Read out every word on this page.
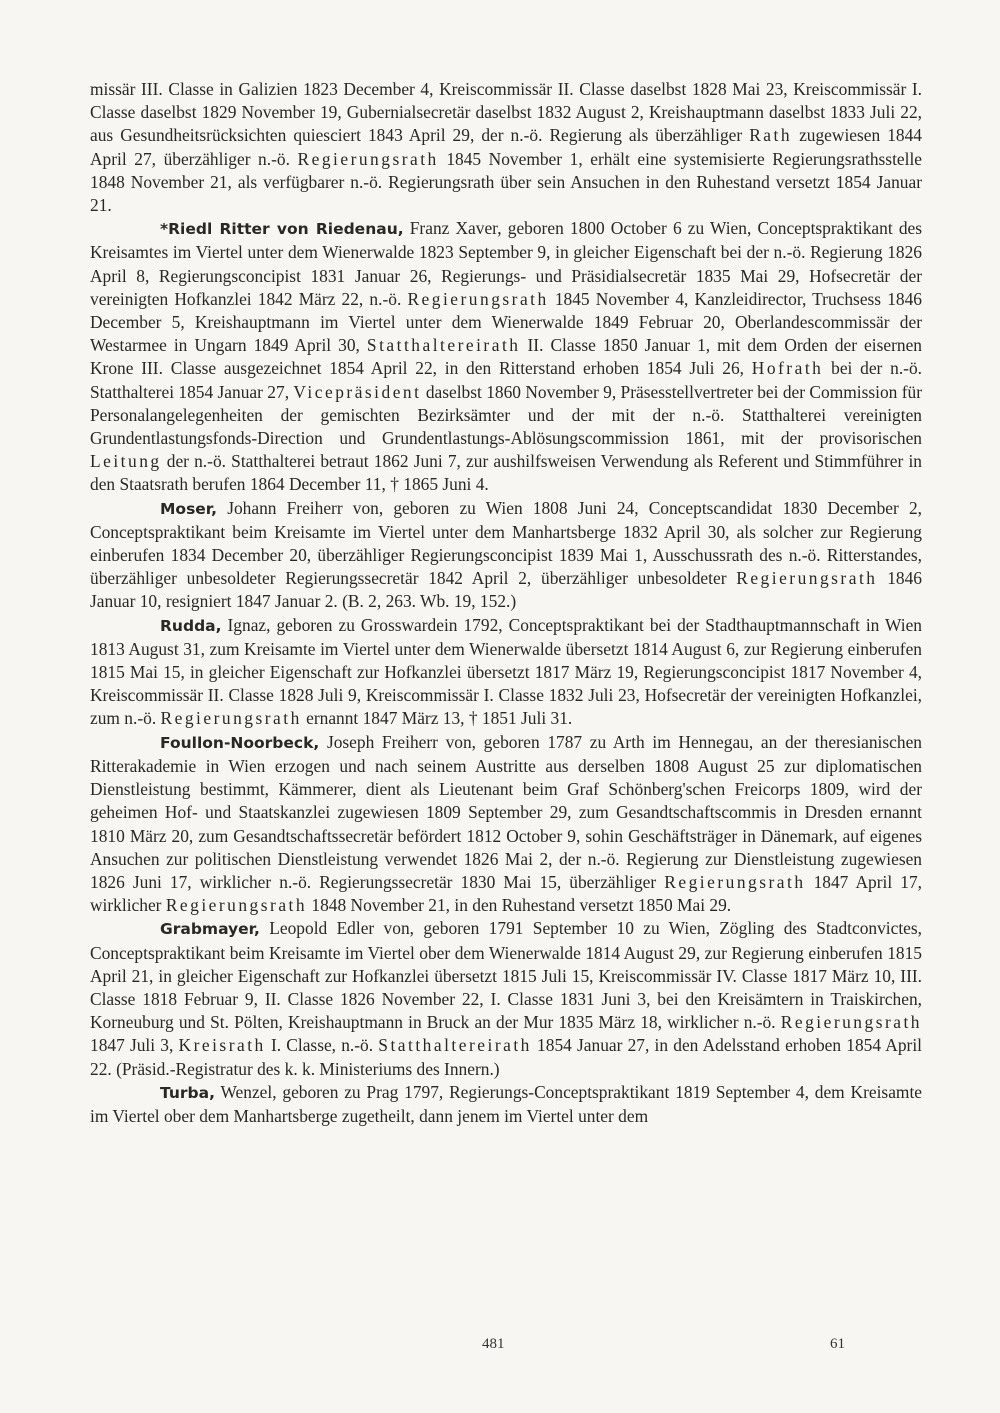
missär III. Classe in Galizien 1823 December 4, Kreiscommissär II. Classe daselbst 1828 Mai 23, Kreiscommissär I. Classe daselbst 1829 November 19, Gubernialsecretär daselbst 1832 August 2, Kreishauptmann daselbst 1833 Juli 22, aus Gesundheitsrücksichten quiesciert 1843 April 29, der n.-ö. Regierung als überzähliger Rath zugewiesen 1844 April 27, überzähliger n.-ö. Regierungsrath 1845 November 1, erhält eine systemisierte Regierungsrathsstelle 1848 November 21, als verfügbarer n.-ö. Regierungsrath über sein Ansuchen in den Ruhestand versetzt 1854 Januar 21.

*Riedl Ritter von Riedenau, Franz Xaver, geboren 1800 October 6 zu Wien, Conceptspraktikant des Kreisamtes im Viertel unter dem Wienerwalde 1823 September 9, in gleicher Eigenschaft bei der n.-ö. Regierung 1826 April 8, Regierungsconcipist 1831 Januar 26, Regierungs- und Präsidialsecretär 1835 Mai 29, Hofsecretär der vereinigten Hofkanzlei 1842 März 22, n.-ö. Regierungsrath 1845 November 4, Kanzleidirector, Truchsess 1846 December 5, Kreishauptmann im Viertel unter dem Wienerwalde 1849 Februar 20, Oberlandescommissär der Westarmee in Ungarn 1849 April 30, Statthaltereirath II. Classe 1850 Januar 1, mit dem Orden der eisernen Krone III. Classe ausgezeichnet 1854 April 22, in den Ritterstand erhoben 1854 Juli 26, Hofrath bei der n.-ö. Statthalterei 1854 Januar 27, Vicepräsident daselbst 1860 November 9, Präsesstellvertreter bei der Commission für Personalangelegenheiten der gemischten Bezirksämter und der mit der n.-ö. Statthalterei vereinigten Grundentlastungsfonds-Direction und Grundentlastungs-Ablösungscommission 1861, mit der provisorischen Leitung der n.-ö. Statthalterei betraut 1862 Juni 7, zur aushilfsweisen Verwendung als Referent und Stimmführer in den Staatsrath berufen 1864 December 11, † 1865 Juni 4.

Moser, Johann Freiherr von, geboren zu Wien 1808 Juni 24, Conceptscandidat 1830 December 2, Conceptspraktikant beim Kreisamte im Viertel unter dem Manhartsberge 1832 April 30, als solcher zur Regierung einberufen 1834 December 20, überzähliger Regierungsconcipist 1839 Mai 1, Ausschussrath des n.-ö. Ritterstandes, überzähliger unbesoldeter Regierungssecretär 1842 April 2, überzähliger unbesoldeter Regierungsrath 1846 Januar 10, resigniert 1847 Januar 2. (B. 2, 263. Wb. 19, 152.)

Rudda, Ignaz, geboren zu Grosswardein 1792, Conceptspraktikant bei der Stadthauptmannschaft in Wien 1813 August 31, zum Kreisamte im Viertel unter dem Wienerwalde übersetzt 1814 August 6, zur Regierung einberufen 1815 Mai 15, in gleicher Eigenschaft zur Hofkanzlei übersetzt 1817 März 19, Regierungsconcipist 1817 November 4, Kreiscommissär II. Classe 1828 Juli 9, Kreiscommissär I. Classe 1832 Juli 23, Hofsecretär der vereinigten Hofkanzlei, zum n.-ö. Regierungsrath ernannt 1847 März 13, † 1851 Juli 31.

Foullon-Noorbeck, Joseph Freiherr von, geboren 1787 zu Arth im Hennegau, an der theresianischen Ritterakademie in Wien erzogen und nach seinem Austritte aus derselben 1808 August 25 zur diplomatischen Dienstleistung bestimmt, Kämmerer, dient als Lieutenant beim Graf Schönberg'schen Freicorps 1809, wird der geheimen Hof- und Staatskanzlei zugewiesen 1809 September 29, zum Gesandtschaftscommis in Dresden ernannt 1810 März 20, zum Gesandtschaftssecretär befördert 1812 October 9, sohin Geschäftsträger in Dänemark, auf eigenes Ansuchen zur politischen Dienstleistung verwendet 1826 Mai 2, der n.-ö. Regierung zur Dienstleistung zugewiesen 1826 Juni 17, wirklicher n.-ö. Regierungssecretär 1830 Mai 15, überzähliger Regierungsrath 1847 April 17, wirklicher Regierungsrath 1848 November 21, in den Ruhestand versetzt 1850 Mai 29.

Grabmayer, Leopold Edler von, geboren 1791 September 10 zu Wien, Zögling des Stadtconvictes, Conceptspraktikant beim Kreisamte im Viertel ober dem Wienerwalde 1814 August 29, zur Regierung einberufen 1815 April 21, in gleicher Eigenschaft zur Hofkanzlei übersetzt 1815 Juli 15, Kreiscommissär IV. Classe 1817 März 10, III. Classe 1818 Februar 9, II. Classe 1826 November 22, I. Classe 1831 Juni 3, bei den Kreisämtern in Traiskirchen, Korneuburg und St. Pölten, Kreishauptmann in Bruck an der Mur 1835 März 18, wirklicher n.-ö. Regierungsrath 1847 Juli 3, Kreisrath I. Classe, n.-ö. Statthaltereirath 1854 Januar 27, in den Adelsstand erhoben 1854 April 22. (Präsid.-Registratur des k. k. Ministeriums des Innern.)

Turba, Wenzel, geboren zu Prag 1797, Regierungs-Conceptspraktikant 1819 September 4, dem Kreisamte im Viertel ober dem Manhartsberge zugetheilt, dann jenem im Viertel unter dem

481	61
